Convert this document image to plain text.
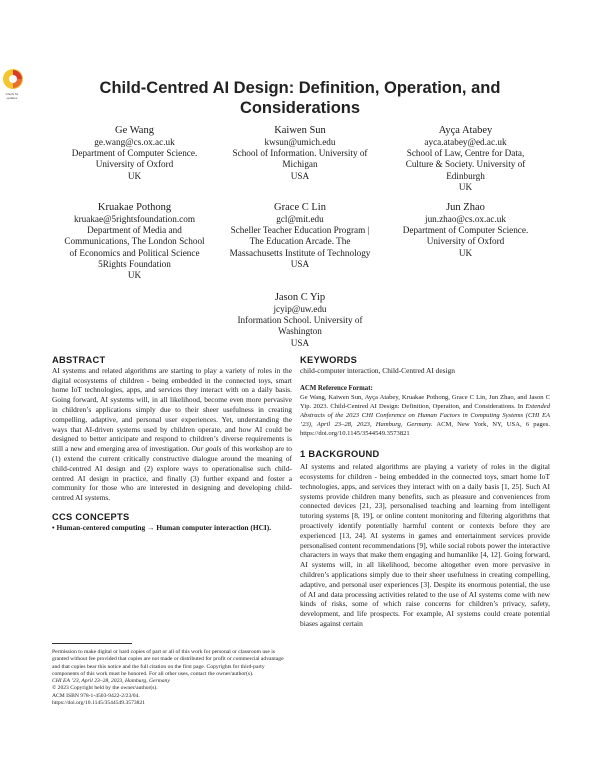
Check for updates
Child-Centred AI Design: Definition, Operation, and Considerations
Ge Wang
ge.wang@cs.ox.ac.uk
Department of Computer Science.
University of Oxford
UK
Kaiwen Sun
kwsun@umich.edu
School of Information. University of
Michigan
USA
Ayça Atabey
ayca.atabey@ed.ac.uk
School of Law, Centre for Data,
Culture & Society. University of
Edinburgh
UK
Kruakae Pothong
kruakae@5rightsfoundation.com
Department of Media and
Communications, The London School
of Economics and Political Science
5Rights Foundation
UK
Grace C Lin
gcl@mit.edu
Scheller Teacher Education Program |
The Education Arcade. The
Massachusetts Institute of Technology
USA
Jun Zhao
jun.zhao@cs.ox.ac.uk
Department of Computer Science.
University of Oxford
UK
Jason C Yip
jcyip@uw.edu
Information School. University of
Washington
USA

ABSTRACT

AI systems and related algorithms are starting to play a variety of roles in the digital ecosystems of children - being embedded in the connected toys, smart home IoT technologies, apps, and services they interact with on a daily basis. Going forward, AI systems will, in all likelihood, become even more pervasive in children’s applications simply due to their sheer usefulness in creating compelling, adaptive, and personal user experiences. Yet, understanding the ways that AI-driven systems used by children operate, and how AI could be designed to better anticipate and respond to children’s diverse requirements is still a new and emerging area of investigation. Our goals of this workshop are to (1) extend the current critically constructive dialogue around the meaning of child-centred AI design and (2) explore ways to operationalise such child-centred AI design in practice, and finally (3) further expand and foster a community for those who are interested in designing and developing child-centred AI systems.

CCS CONCEPTS

• Human-centered computing → Human computer interaction (HCI).

Permission to make digital or hard copies of part or all of this work for personal or classroom use is granted without fee provided that copies are not made or distributed for profit or commercial advantage and that copies bear this notice and the full citation on the first page. Copyrights for third-party components of this work must be honored. For all other uses, contact the owner/author(s).
CHI EA ’23, April 23–28, 2023, Hamburg, Germany
© 2023 Copyright held by the owner/author(s).
ACM ISBN 978-1-4503-9422-2/23/04.
https://doi.org/10.1145/3544549.3573821

KEYWORDS

child-computer interaction, Child-Centred AI design

ACM Reference Format:

Ge Wang, Kaiwen Sun, Ayça Atabey, Kruakae Pothong, Grace C Lin, Jun Zhao, and Jason C Yip. 2023. Child-Centred AI Design: Definition, Operation, and Considerations. In Extended Abstracts of the 2023 CHI Conference on Human Factors in Computing Systems (CHI EA ’23), April 23–28, 2023, Hamburg, Germany. ACM, New York, NY, USA, 6 pages. https://doi.org/10.1145/3544549.3573821

1 BACKGROUND

AI systems and related algorithms are playing a variety of roles in the digital ecosystems for children - being embedded in the connected toys, smart home IoT technologies, apps, and services they interact with on a daily basis [1, 25]. Such AI systems provide children many benefits, such as pleasure and conveniences from connected devices [21, 23], personalised teaching and learning from intelligent tutoring systems [8, 19], or online content monitoring and filtering algorithms that proactively identify potentially harmful content or contexts before they are experienced [13, 24]. AI systems in games and entertainment services provide personalised content recommendations [9], while social robots power the interactive characters in ways that make them engaging and humanlike [4, 12]. Going forward, AI systems will, in all likelihood, become altogether even more pervasive in children’s applications simply due to their sheer usefulness in creating compelling, adaptive, and personal user experiences [3]. Despite its enormous potential, the use of AI and data processing activities related to the use of AI systems come with new kinds of risks, some of which raise concerns for children’s privacy, safety, development, and life prospects. For example, AI systems could create potential biases against certain
